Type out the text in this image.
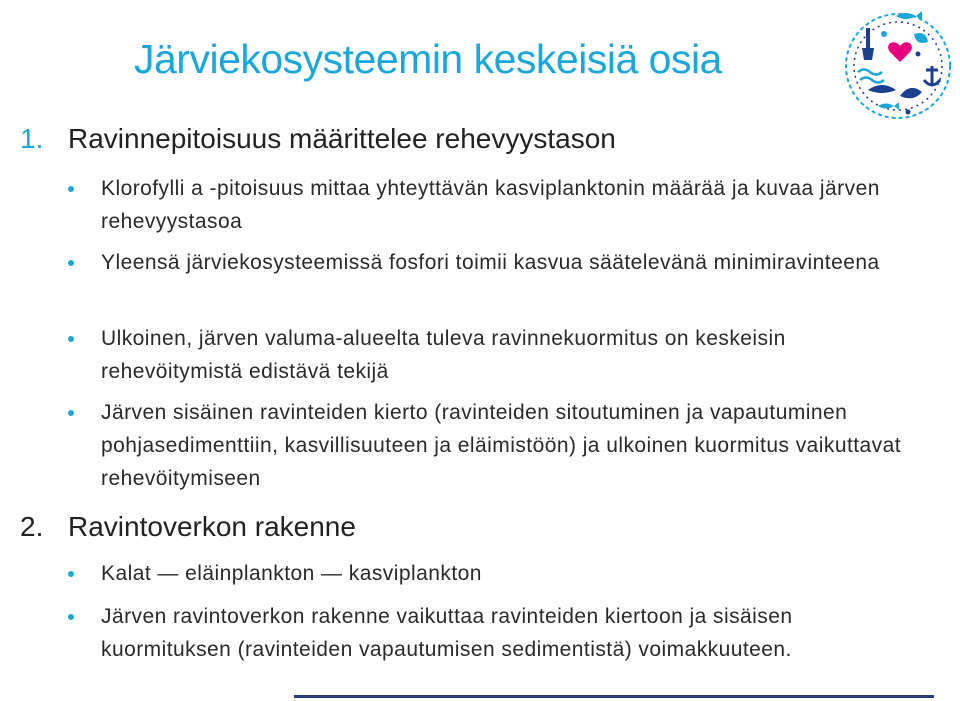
Järviekosysteemin keskeisiä osia
1. Ravinnepitoisuus määrittelee rehevyystason
Klorofylli a -pitoisuus mittaa yhteyttävän kasviplanktonin määrää ja kuvaa järven rehevyystasoa
Yleensä järviekosysteemissä fosfori toimii kasvua säätelevänä minimiravinteena
Ulkoinen, järven valuma-alueelta tuleva ravinnekuormitus on keskeisin rehevöitymistä edistävä tekijä
Järven sisäinen ravinteiden kierto (ravinteiden sitoutuminen ja vapautuminen pohjasedimenttiin, kasvillisuuteen ja eläimistöön) ja ulkoinen kuormitus vaikuttavat rehevöitymiseen
2. Ravintoverkon rakenne
Kalat — eläinplankton — kasviplankton
Järven ravintoverkon rakenne vaikuttaa ravinteiden kiertoon ja sisäisen kuormituksen (ravinteiden vapautumisen sedimentistä) voimakkuuteen.
